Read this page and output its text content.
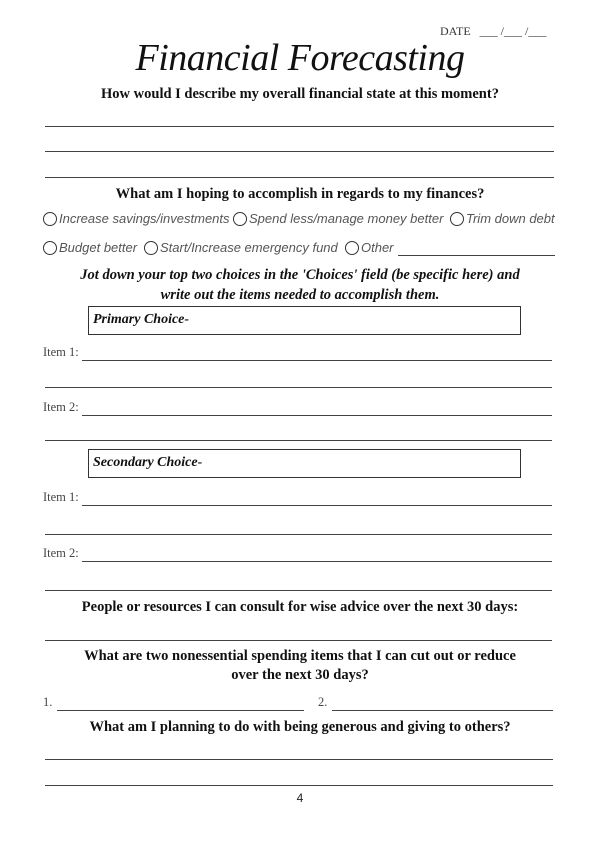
DATE ___ /___ /___
Financial Forecasting
How would I describe my overall financial state at this moment?
What am I hoping to accomplish in regards to my finances?
Increase savings/investments Spend less/manage money better Trim down debt
Budget better Start/Increase emergency fund Other
Jot down your top two choices in the 'Choices' field (be specific here) and
write out the items needed to accomplish them.
Primary Choice-
Item 1:
Item 2:
Secondary Choice-
Item 1:
Item 2:
People or resources I can consult for wise advice over the next 30 days:
What are two nonessential spending items that I can cut out or reduce
over the next 30 days?
1.	2.
What am I planning to do with being generous and giving to others?
4
